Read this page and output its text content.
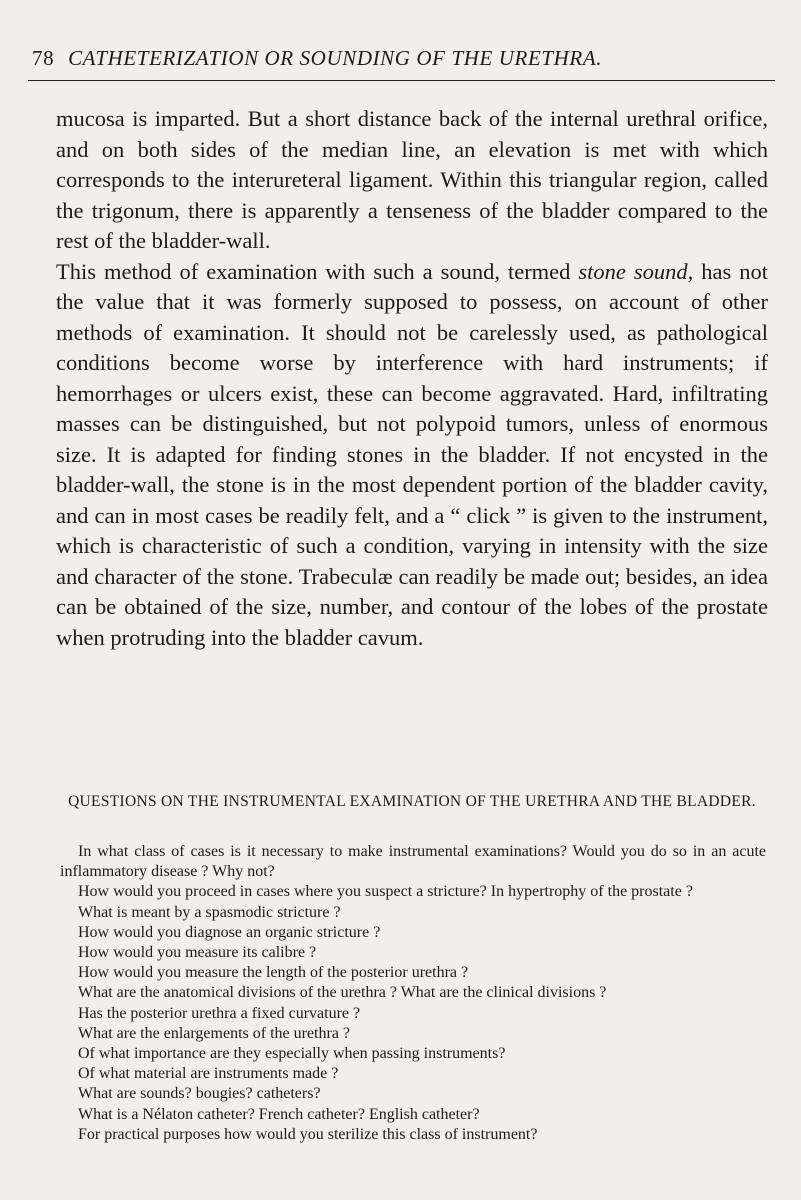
78 CATHETERIZATION OR SOUNDING OF THE URETHRA.

mucosa is imparted. But a short distance back of the internal urethral orifice, and on both sides of the median line, an elevation is met with which corresponds to the interureteral ligament. Within this triangular region, called the trigonum, there is apparently a tenseness of the bladder compared to the rest of the bladder-wall.

This method of examination with such a sound, termed stone sound, has not the value that it was formerly supposed to possess, on account of other methods of examination. It should not be carelessly used, as pathological conditions become worse by interference with hard instruments; if hemorrhages or ulcers exist, these can become aggravated. Hard, infiltrating masses can be distinguished, but not polypoid tumors, unless of enormous size. It is adapted for finding stones in the bladder. If not encysted in the bladder-wall, the stone is in the most dependent portion of the bladder cavity, and can in most cases be readily felt, and a “ click ” is given to the instrument, which is characteristic of such a condition, varying in intensity with the size and character of the stone. Trabeculæ can readily be made out; besides, an idea can be obtained of the size, number, and contour of the lobes of the prostate when protruding into the bladder cavum.

QUESTIONS ON THE INSTRUMENTAL EXAMINATION OF THE URETHRA AND THE BLADDER.
In what class of cases is it necessary to make instrumental examinations? Would you do so in an acute inflammatory disease ? Why not?
How would you proceed in cases where you suspect a stricture? In hypertrophy of the prostate ?
What is meant by a spasmodic stricture ?
How would you diagnose an organic stricture ?
How would you measure its calibre ?
How would you measure the length of the posterior urethra ?
What are the anatomical divisions of the urethra ? What are the clinical divisions ?
Has the posterior urethra a fixed curvature ?
What are the enlargements of the urethra ?
Of what importance are they especially when passing instruments?
Of what material are instruments made ?
What are sounds? bougies? catheters?
What is a Nélaton catheter? French catheter? English catheter?
For practical purposes how would you sterilize this class of instrument?
